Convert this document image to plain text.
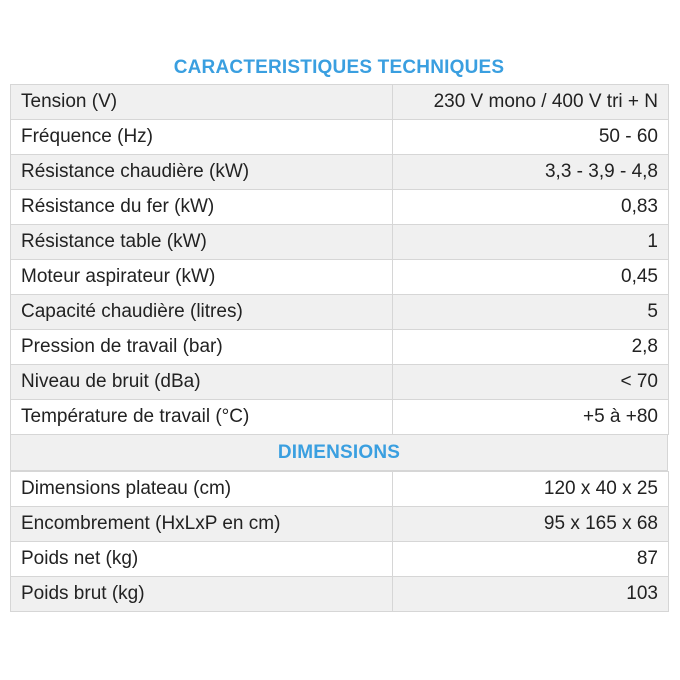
CARACTERISTIQUES TECHNIQUES
Tension (V)	230 V mono / 400 V tri + N
Fréquence (Hz)	50 - 60
Résistance chaudière (kW)	3,3 - 3,9 - 4,8
Résistance du fer (kW)	0,83
Résistance table (kW)	1
Moteur aspirateur (kW)	0,45
Capacité chaudière (litres)	5
Pression de travail (bar)	2,8
Niveau de bruit (dBa)	< 70
Température de travail (°C)	+5 à +80
DIMENSIONS
Dimensions plateau (cm)	120 x 40 x 25
Encombrement (HxLxP en cm)	95 x 165 x 68
Poids net (kg)	87
Poids brut (kg)	103
